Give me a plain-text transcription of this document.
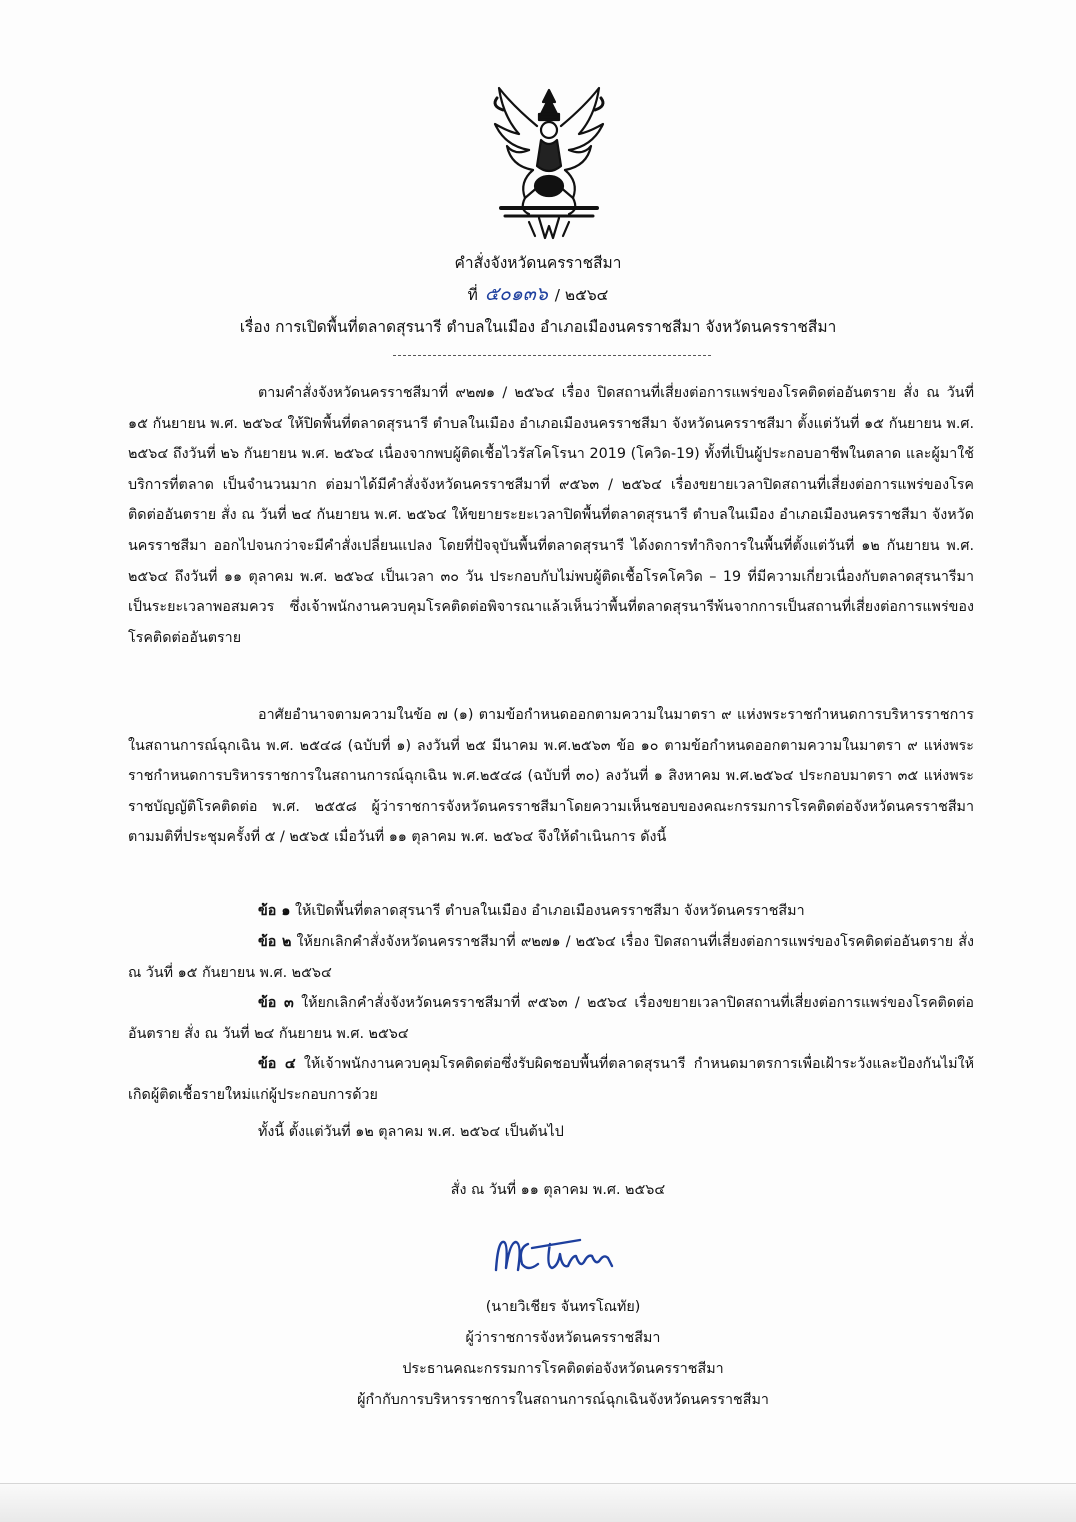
คำสั่งจังหวัดนครราชสีมา
ที่ ๕๐๑๓๖ / ๒๕๖๔
เรื่อง การเปิดพื้นที่ตลาดสุรนารี ตำบลในเมือง อำเภอเมืองนครราชสีมา จังหวัดนครราชสีมา
ตามคำสั่งจังหวัดนครราชสีมาที่ ๙๒๗๑ / ๒๕๖๔ เรื่อง ปิดสถานที่เสี่ยงต่อการแพร่ของโรคติดต่ออันตราย สั่ง ณ วันที่ ๑๕ กันยายน พ.ศ. ๒๕๖๔ ให้ปิดพื้นที่ตลาดสุรนารี ตำบลในเมือง อำเภอเมืองนครราชสีมา จังหวัดนครราชสีมา ตั้งแต่วันที่ ๑๕ กันยายน พ.ศ. ๒๕๖๔ ถึงวันที่ ๒๖ กันยายน พ.ศ. ๒๕๖๔ เนื่องจากพบผู้ติดเชื้อไวรัสโคโรนา 2019 (โควิด-19) ทั้งที่เป็นผู้ประกอบอาชีพในตลาด และผู้มาใช้บริการที่ตลาด เป็นจำนวนมาก ต่อมาได้มีคำสั่งจังหวัดนครราชสีมาที่ ๙๕๖๓ / ๒๕๖๔ เรื่องขยายเวลาปิดสถานที่เสี่ยงต่อการแพร่ของโรคติดต่ออันตราย สั่ง ณ วันที่ ๒๔ กันยายน พ.ศ. ๒๕๖๔ ให้ขยายระยะเวลาปิดพื้นที่ตลาดสุรนารี ตำบลในเมือง อำเภอเมืองนครราชสีมา จังหวัดนครราชสีมา ออกไปจนกว่าจะมีคำสั่งเปลี่ยนแปลง โดยที่ปัจจุบันพื้นที่ตลาดสุรนารี ได้งดการทำกิจการในพื้นที่ตั้งแต่วันที่ ๑๒ กันยายน พ.ศ. ๒๕๖๔ ถึงวันที่ ๑๑ ตุลาคม พ.ศ. ๒๕๖๔ เป็นเวลา ๓๐ วัน ประกอบกับไม่พบผู้ติดเชื้อโรคโควิด – 19 ที่มีความเกี่ยวเนื่องกับตลาดสุรนารีมาเป็นระยะเวลาพอสมควร ซึ่งเจ้าพนักงานควบคุมโรคติดต่อพิจารณาแล้วเห็นว่าพื้นที่ตลาดสุรนารีพ้นจากการเป็นสถานที่เสี่ยงต่อการแพร่ของโรคติดต่ออันตราย
อาศัยอำนาจตามความในข้อ ๗ (๑) ตามข้อกำหนดออกตามความในมาตรา ๙ แห่งพระราชกำหนดการบริหารราชการในสถานการณ์ฉุกเฉิน พ.ศ. ๒๕๔๘ (ฉบับที่ ๑) ลงวันที่ ๒๕ มีนาคม พ.ศ.๒๕๖๓ ข้อ ๑๐ ตามข้อกำหนดออกตามความในมาตรา ๙ แห่งพระราชกำหนดการบริหารราชการในสถานการณ์ฉุกเฉิน พ.ศ.๒๕๔๘ (ฉบับที่ ๓๐) ลงวันที่ ๑ สิงหาคม พ.ศ.๒๕๖๔ ประกอบมาตรา ๓๕ แห่งพระราชบัญญัติโรคติดต่อ พ.ศ. ๒๕๕๘ ผู้ว่าราชการจังหวัดนครราชสีมาโดยความเห็นชอบของคณะกรรมการโรคติดต่อจังหวัดนครราชสีมา ตามมติที่ประชุมครั้งที่ ๕ / ๒๕๖๕ เมื่อวันที่ ๑๑ ตุลาคม พ.ศ. ๒๕๖๔ จึงให้ดำเนินการ ดังนี้
ข้อ ๑ ให้เปิดพื้นที่ตลาดสุรนารี ตำบลในเมือง อำเภอเมืองนครราชสีมา จังหวัดนครราชสีมา
ข้อ ๒ ให้ยกเลิกคำสั่งจังหวัดนครราชสีมาที่ ๙๒๗๑ / ๒๕๖๔ เรื่อง ปิดสถานที่เสี่ยงต่อการแพร่ของโรคติดต่ออันตราย สั่ง ณ วันที่ ๑๕ กันยายน พ.ศ. ๒๕๖๔
ข้อ ๓ ให้ยกเลิกคำสั่งจังหวัดนครราชสีมาที่ ๙๕๖๓ / ๒๕๖๔ เรื่องขยายเวลาปิดสถานที่เสี่ยงต่อการแพร่ของโรคติดต่ออันตราย สั่ง ณ วันที่ ๒๔ กันยายน พ.ศ. ๒๕๖๔
ข้อ ๔ ให้เจ้าพนักงานควบคุมโรคติดต่อซึ่งรับผิดชอบพื้นที่ตลาดสุรนารี กำหนดมาตรการเพื่อเฝ้าระวังและป้องกันไม่ให้เกิดผู้ติดเชื้อรายใหม่แก่ผู้ประกอบการด้วย
ทั้งนี้ ตั้งแต่วันที่ ๑๒ ตุลาคม พ.ศ. ๒๕๖๔ เป็นต้นไป
สั่ง ณ วันที่ ๑๑ ตุลาคม พ.ศ. ๒๕๖๔
(นายวิเชียร จันทรโณทัย)
ผู้ว่าราชการจังหวัดนครราชสีมา
ประธานคณะกรรมการโรคติดต่อจังหวัดนครราชสีมา
ผู้กำกับการบริหารราชการในสถานการณ์ฉุกเฉินจังหวัดนครราชสีมา
